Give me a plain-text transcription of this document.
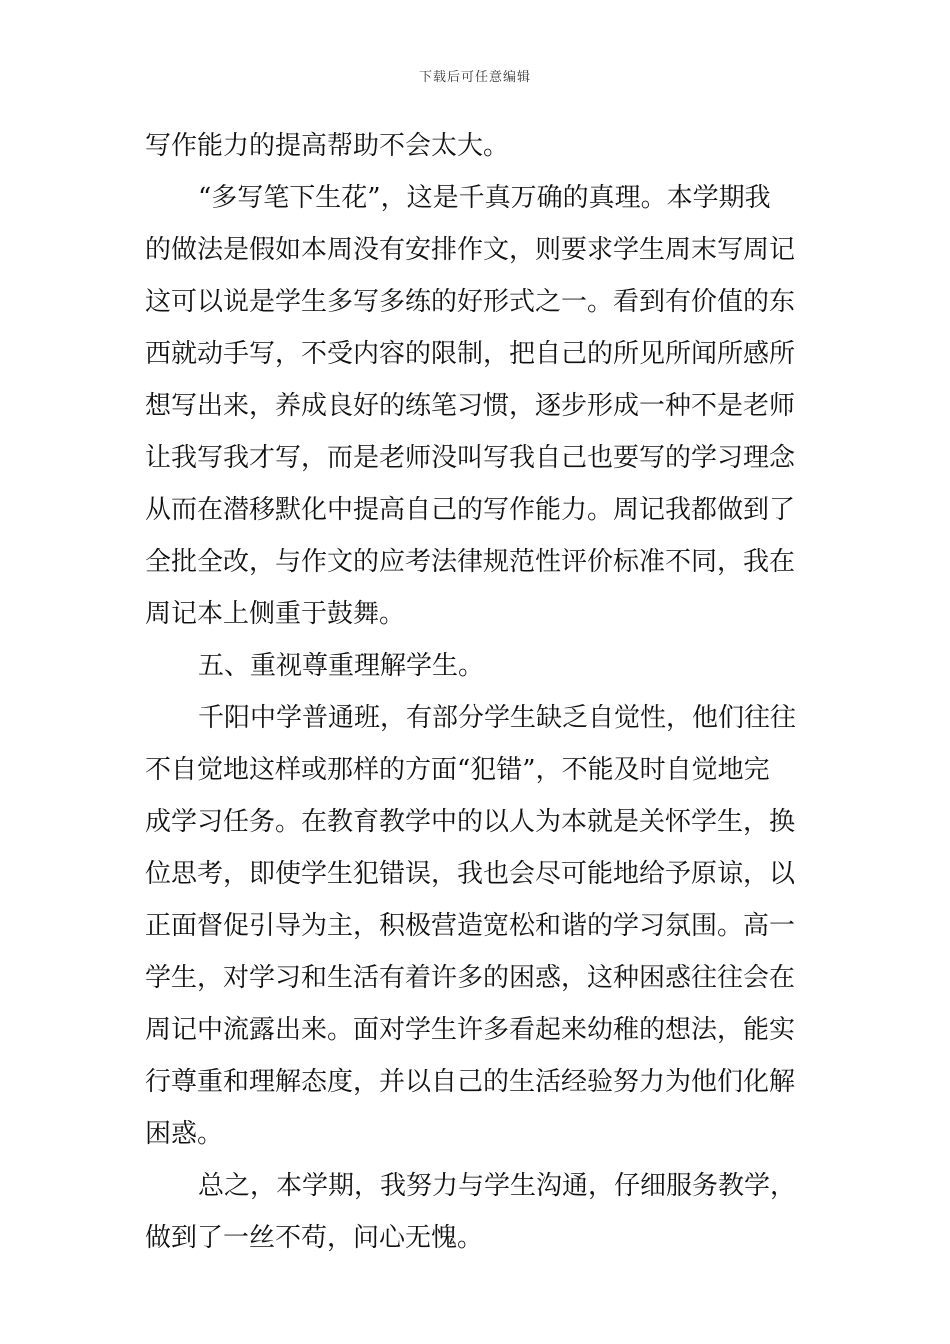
下载后可任意编辑
写作能力的提高帮助不会太大。
“多写笔下生花”，这是千真万确的真理。本学期我
的做法是假如本周没有安排作文，则要求学生周末写周记
这可以说是学生多写多练的好形式之一。看到有价值的东
西就动手写，不受内容的限制，把自己的所见所闻所感所
想写出来，养成良好的练笔习惯，逐步形成一种不是老师
让我写我才写，而是老师没叫写我自己也要写的学习理念
从而在潜移默化中提高自己的写作能力。周记我都做到了
全批全改，与作文的应考法律规范性评价标准不同，我在
周记本上侧重于鼓舞。
五、重视尊重理解学生。
千阳中学普通班，有部分学生缺乏自觉性，他们往往
不自觉地这样或那样的方面“犯错”，不能及时自觉地完
成学习任务。在教育教学中的以人为本就是关怀学生，换
位思考，即使学生犯错误，我也会尽可能地给予原谅，以
正面督促引导为主，积极营造宽松和谐的学习氛围。高一
学生，对学习和生活有着许多的困惑，这种困惑往往会在
周记中流露出来。面对学生许多看起来幼稚的想法，能实
行尊重和理解态度，并以自己的生活经验努力为他们化解
困惑。
总之，本学期，我努力与学生沟通，仔细服务教学，
做到了一丝不苟，问心无愧。
